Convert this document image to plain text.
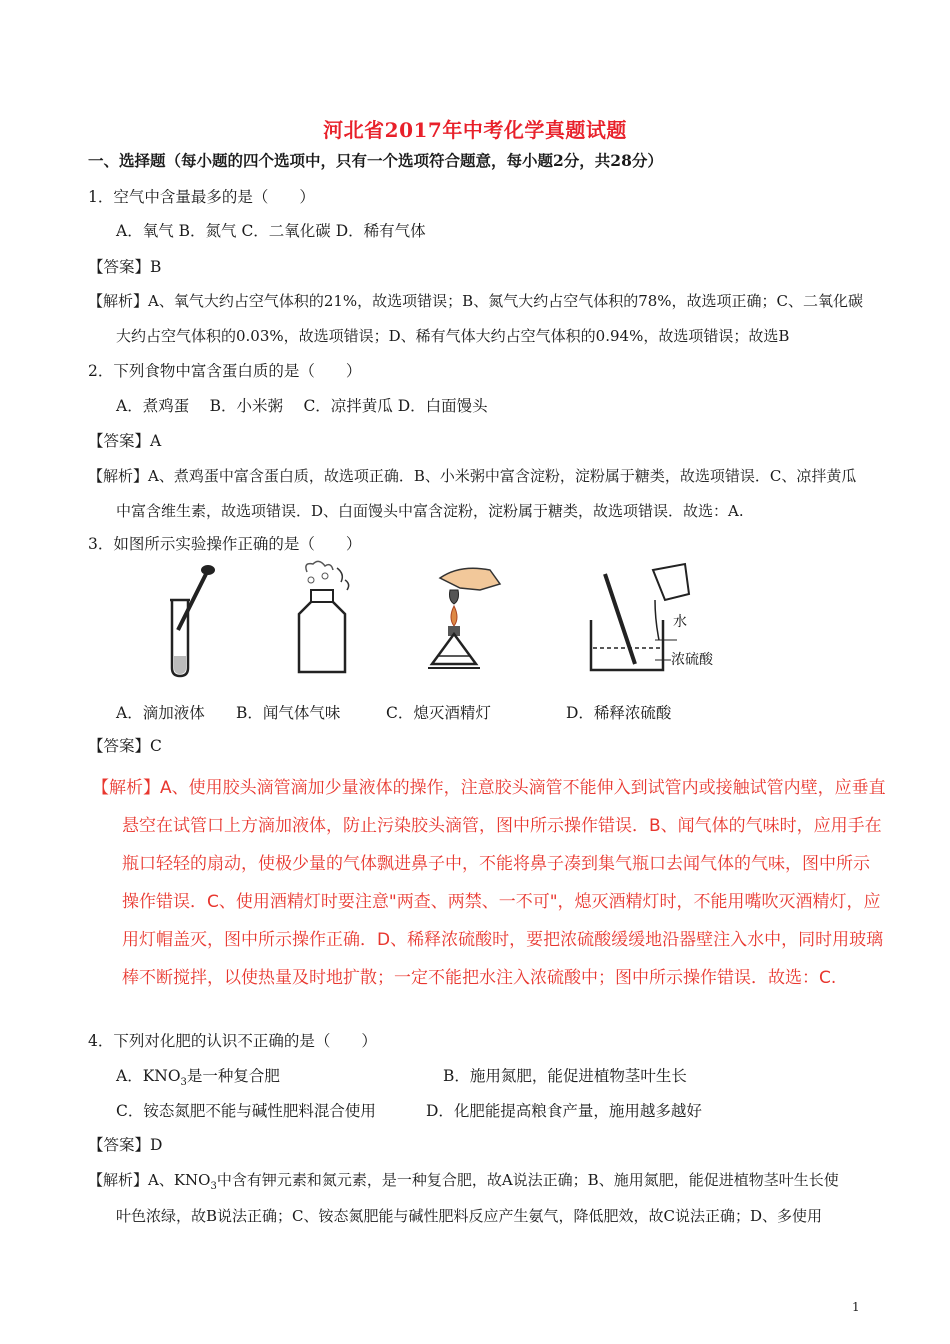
河北省2017年中考化学真题试题
一、选择题（每小题的四个选项中，只有一个选项符合题意，每小题2分，共28分）
1．空气中含量最多的是（　　）
A．氧气 B．氮气 C．二氧化碳 D．稀有气体
【答案】B
【解析】A、氧气大约占空气体积的21%，故选项错误；B、氮气大约占空气体积的78%，故选项正确；C、二氧化碳
大约占空气体积的0.03%，故选项错误；D、稀有气体大约占空气体积的0.94%，故选项错误；故选B
2．下列食物中富含蛋白质的是（　　）
A．煮鸡蛋　 B．小米粥　 C．凉拌黄瓜 D．白面馒头
【答案】A
【解析】A、煮鸡蛋中富含蛋白质，故选项正确．B、小米粥中富含淀粉，淀粉属于糖类，故选项错误．C、凉拌黄瓜
中富含维生素，故选项错误．D、白面馒头中富含淀粉，淀粉属于糖类，故选项错误．故选：A.
3．如图所示实验操作正确的是（　　）
水
浓硫酸
A．滴加液体 B．闻气体气味	C．熄灭酒精灯	D．稀释浓硫酸
【答案】C
【解析】A、使用胶头滴管滴加少量液体的操作，注意胶头滴管不能伸入到试管内或接触试管内壁，应垂直
悬空在试管口上方滴加液体，防止污染胶头滴管，图中所示操作错误．B、闻气体的气味时，应用手在
瓶口轻轻的扇动，使极少量的气体飘进鼻子中，不能将鼻子凑到集气瓶口去闻气体的气味，图中所示
操作错误．C、使用酒精灯时要注意"两查、两禁、一不可"，熄灭酒精灯时，不能用嘴吹灭酒精灯，应
用灯帽盖灭，图中所示操作正确．D、稀释浓硫酸时，要把浓硫酸缓缓地沿器壁注入水中，同时用玻璃
棒不断搅拌，以使热量及时地扩散；一定不能把水注入浓硫酸中；图中所示操作错误．故选：C.
4．下列对化肥的认识不正确的是（　　）
A．$KNO_3$是一种复合肥	B．施用氮肥，能促进植物茎叶生长
C．铵态氮肥不能与碱性肥料混合使用	D．化肥能提高粮食产量，施用越多越好
【答案】D
【解析】A、$KNO_3$中含有钾元素和氮元素，是一种复合肥，故A说法正确；B、施用氮肥，能促进植物茎叶生长使
叶色浓绿，故B说法正确；C、铵态氮肥能与碱性肥料反应产生氨气，降低肥效，故C说法正确；D、多使用
1
